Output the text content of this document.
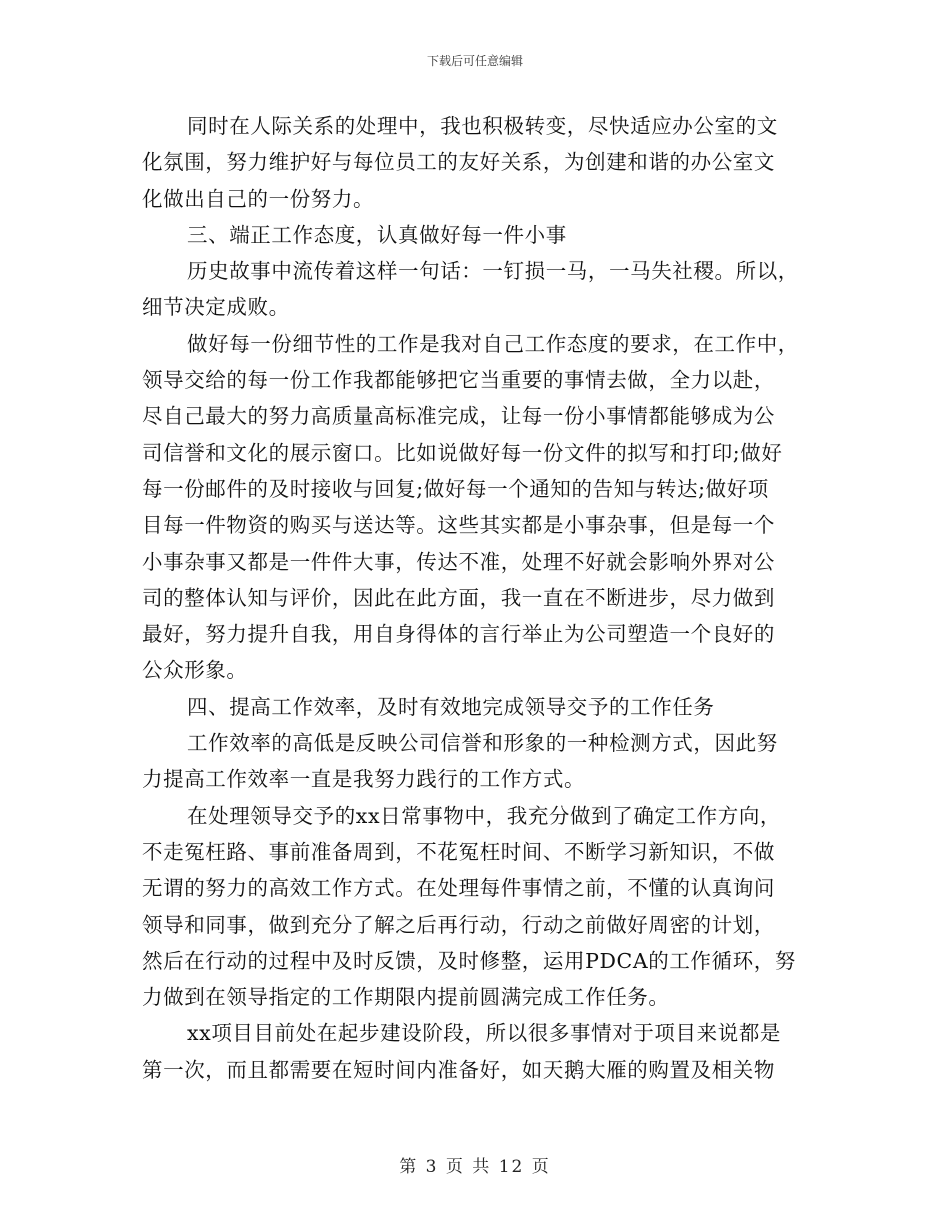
下载后可任意编辑
同时在人际关系的处理中，我也积极转变，尽快适应办公室的文
化氛围，努力维护好与每位员工的友好关系，为创建和谐的办公室文
化做出自己的一份努力。
三、端正工作态度，认真做好每一件小事
历史故事中流传着这样一句话：一钉损一马，一马失社稷。所以，
细节决定成败。
做好每一份细节性的工作是我对自己工作态度的要求，在工作中，
领导交给的每一份工作我都能够把它当重要的事情去做，全力以赴，
尽自己最大的努力高质量高标准完成，让每一份小事情都能够成为公
司信誉和文化的展示窗口。比如说做好每一份文件的拟写和打印;做好
每一份邮件的及时接收与回复;做好每一个通知的告知与转达;做好项
目每一件物资的购买与送达等。这些其实都是小事杂事，但是每一个
小事杂事又都是一件件大事，传达不准，处理不好就会影响外界对公
司的整体认知与评价，因此在此方面，我一直在不断进步，尽力做到
最好，努力提升自我，用自身得体的言行举止为公司塑造一个良好的
公众形象。
四、提高工作效率，及时有效地完成领导交予的工作任务
工作效率的高低是反映公司信誉和形象的一种检测方式，因此努
力提高工作效率一直是我努力践行的工作方式。
在处理领导交予的xx日常事物中，我充分做到了确定工作方向，
不走冤枉路、事前准备周到，不花冤枉时间、不断学习新知识，不做
无谓的努力的高效工作方式。在处理每件事情之前，不懂的认真询问
领导和同事，做到充分了解之后再行动，行动之前做好周密的计划，
然后在行动的过程中及时反馈，及时修整，运用PDCA的工作循环，努
力做到在领导指定的工作期限内提前圆满完成工作任务。
xx项目目前处在起步建设阶段，所以很多事情对于项目来说都是
第一次，而且都需要在短时间内准备好，如天鹅大雁的购置及相关物
第 3 页 共 12 页
